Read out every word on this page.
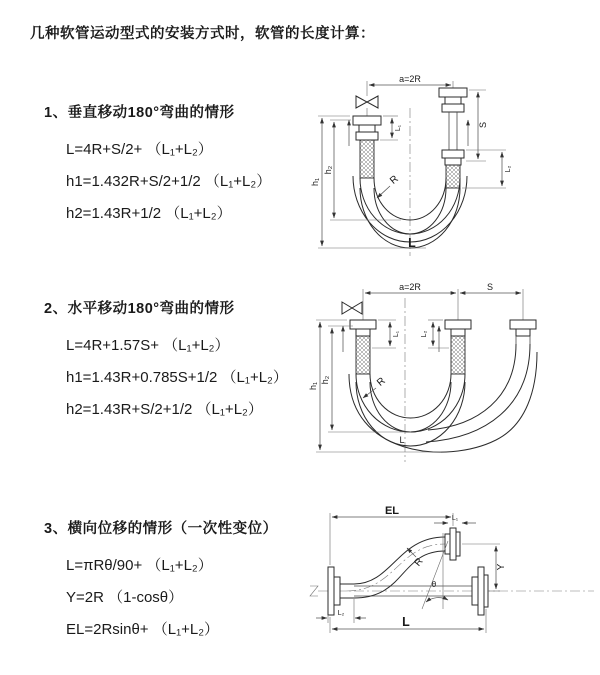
几种软管运动型式的安装方式时，软管的长度计算：
1、垂直移动180°弯曲的情形
L=4R+S/2+ （L₁+L₂）
h1=1.432R+S/2+1/2 （L₁+L₂）
h2=1.43R+1/2 （L₁+L₂）
a=2R
h₁
h₂
L₁	S
L₂
R
L
2、水平移动180°弯曲的情形
L=4R+1.57S+ （L₁+L₂）
h1=1.43R+0.785S+1/2 （L₁+L₂）
h2=1.43R+S/2+1/2 （L₁+L₂）
a=2R	S
h₁
h₂
L₁	L₂
R
L
3、横向位移的情形（一次性变位）
L=πRθ/90+ （L₁+L₂）
Y=2R （1-cosθ）
EL=2Rsinθ+ （L₁+L₂）
EL
L₁
Y
θ
R
L₂
L
